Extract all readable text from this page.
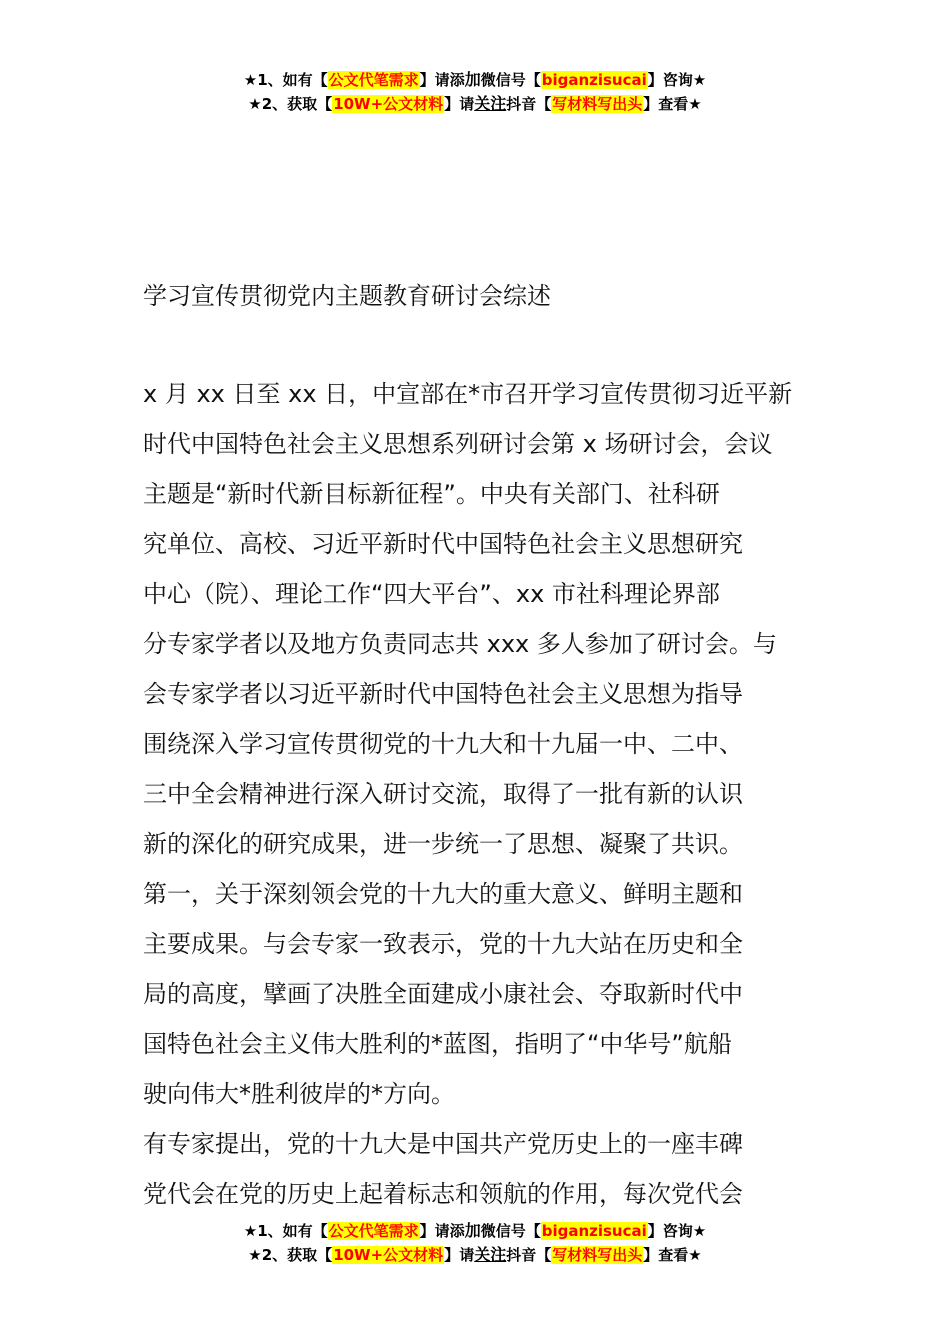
★1、如有【公文代笔需求】请添加微信号【biganzisucai】咨询★
★2、获取【10W+公文材料】请关注抖音【写材料写出头】查看★
学习宣传贯彻党内主题教育研讨会综述
x 月 xx 日至 xx 日，中宣部在*市召开学习宣传贯彻习近平新
时代中国特色社会主义思想系列研讨会第 x 场研讨会，会议
主题是“新时代新目标新征程”。中央有关部门、社科研
究单位、高校、习近平新时代中国特色社会主义思想研究
中心（院）、理论工作“四大平台”、xx 市社科理论界部
分专家学者以及地方负责同志共 xxx 多人参加了研讨会。与
会专家学者以习近平新时代中国特色社会主义思想为指导
围绕深入学习宣传贯彻党的十九大和十九届一中、二中、
三中全会精神进行深入研讨交流，取得了一批有新的认识
新的深化的研究成果，进一步统一了思想、凝聚了共识。
第一，关于深刻领会党的十九大的重大意义、鲜明主题和
主要成果。与会专家一致表示，党的十九大站在历史和全
局的高度，擘画了决胜全面建成小康社会、夺取新时代中
国特色社会主义伟大胜利的*蓝图，指明了“中华号”航船
驶向伟大*胜利彼岸的*方向。
有专家提出，党的十九大是中国共产党历史上的一座丰碑
党代会在党的历史上起着标志和领航的作用，每次党代会
★1、如有【公文代笔需求】请添加微信号【biganzisucai】咨询★
★2、获取【10W+公文材料】请关注抖音【写材料写出头】查看★
